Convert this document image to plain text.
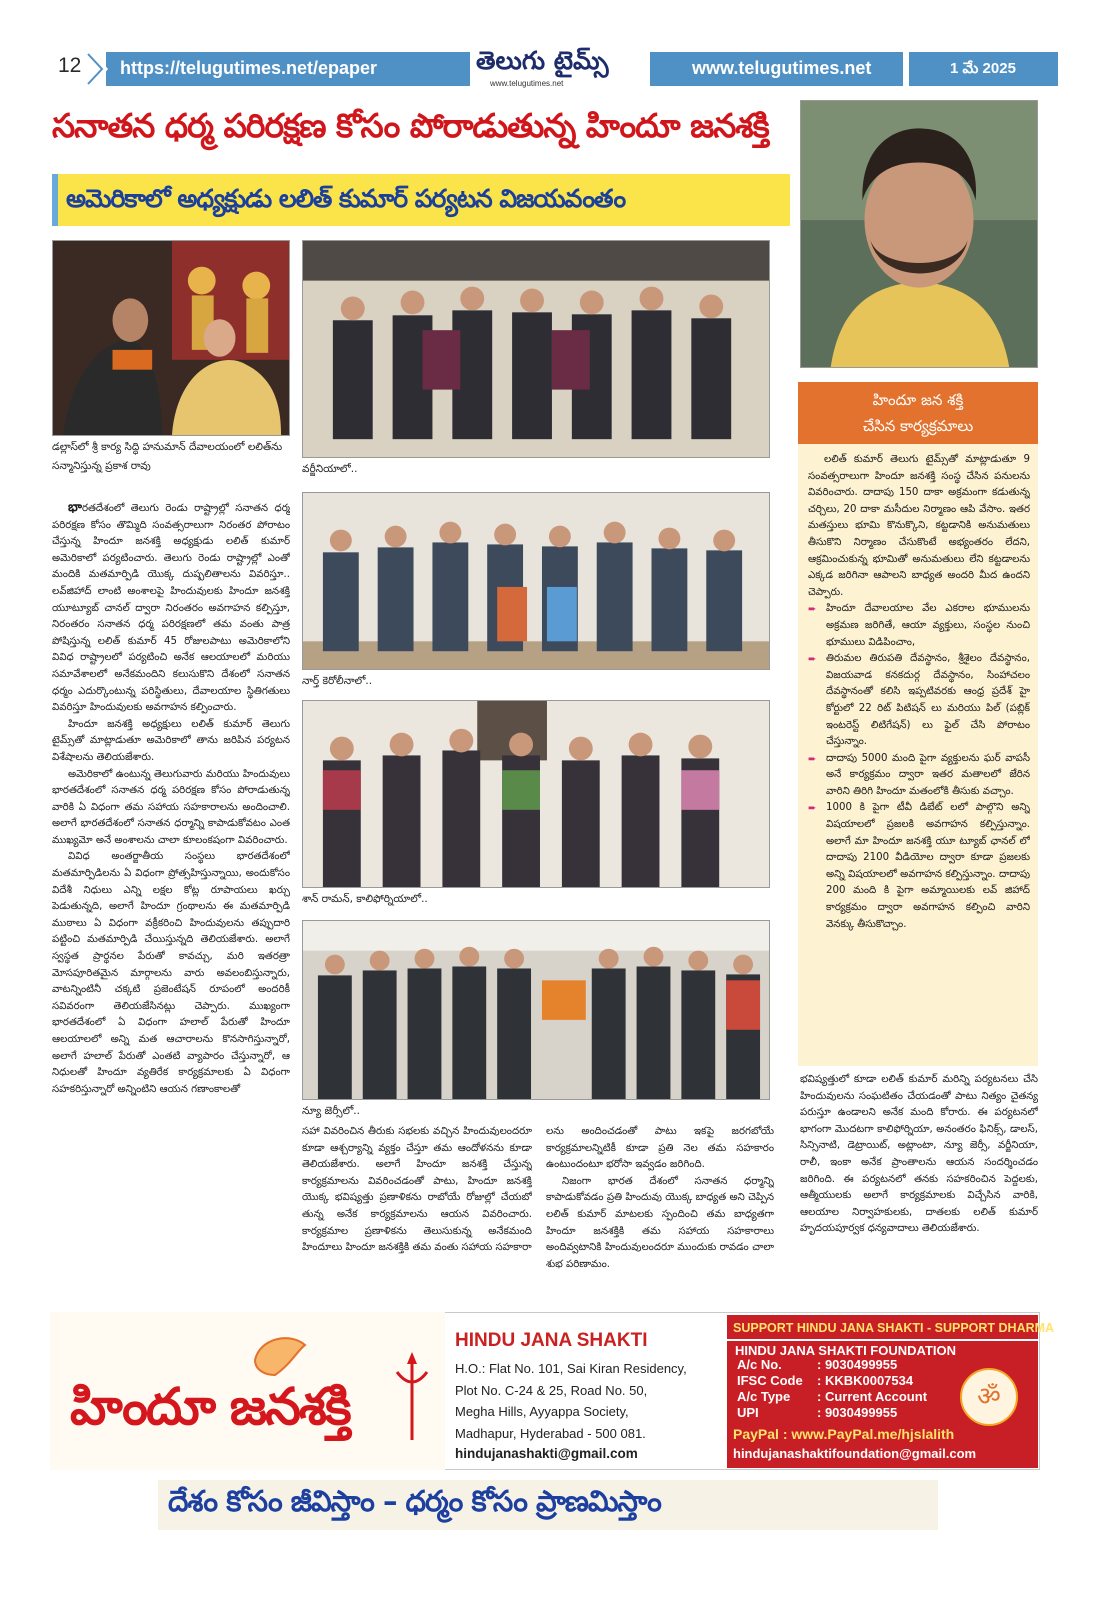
12 https://telugutimes.net/epaper	తెలుగు టైమ్స్
www.telugutimes.net
www.telugutimes.net	1 మే 2025
సనాతన ధర్మ పరిరక్షణ కోసం పోరాడుతున్న హిందూ జనశక్తి
అమెరికాలో అధ్యక్షుడు లలిత్ కుమార్ పర్యటన విజయవంతం
డల్లాస్‌లో శ్రీ కార్య సిద్ధి హనుమాన్ దేవాలయంలో లలిత్‌ను సన్మానిస్తున్న ప్రకాశ రావు	వర్జీనియాలో..
నార్త్ కెరోలీనాలో..
శాన్ రామన్, కాలిఫోర్నియాలో..
న్యూ జెర్సీలో..

భారతదేశంలో తెలుగు రెండు రాష్ట్రాల్లో సనాతన ధర్మ పరిరక్షణ కోసం తొమ్మిది సంవత్సరాలుగా నిరంతర పోరాటం చేస్తున్న హిందూ జనశక్తి అధ్యక్షుడు లలిత్ కుమార్ అమెరికాలో పర్యటించారు. తెలుగు రెండు రాష్ట్రాల్లో ఎంతో మందికి మతమార్పిడి యొక్క దుష్పలితాలను వివరిస్తూ.. లవ్‌జిహాద్ లాంటి అంశాలపై హిందువులకు హిందూ జనశక్తి యూట్యూబ్ చానల్ ద్వారా నిరంతరం అవగాహన కల్పిస్తూ, నిరంతరం సనాతన ధర్మ పరిరక్షణలో తమ వంతు పాత్ర పోషిస్తున్న లలిత్ కుమార్ 45 రోజులపాటు అమెరికాలోని వివిధ రాష్ట్రాలలో పర్యటించి అనేక ఆలయాలలో మరియు సమావేశాలలో అనేకమందిని కలుసుకొని దేశంలో సనాతన ధర్మం ఎదుర్కొంటున్న పరిస్థితులు, దేవాలయాల స్థితిగతులు వివరిస్తూ హిందువులకు అవగాహన కల్పించారు.

హిందూ జనశక్తి అధ్యక్షులు లలిత్ కుమార్ తెలుగు టైమ్స్‌తో మాట్లాడుతూ అమెరికాలో తాను జరిపిన పర్యటన విశేషాలను తెలియజేశారు.

అమెరికాలో ఉంటున్న తెలుగువారు మరియు హిందువులు భారతదేశంలో సనాతన ధర్మ పరిరక్షణ కోసం పోరాడుతున్న వారికి ఏ విధంగా తమ సహాయ సహకారాలను అందించాలి. అలాగే భారతదేశంలో సనాతన ధర్మాన్ని కాపాడుకోవటం ఎంత ముఖ్యమో అనే అంశాలను చాలా కూలంకషంగా వివరించారు.

వివిధ అంతర్జాతీయ సంస్థలు భారతదేశంలో మతమార్పిడిలను ఏ విధంగా ప్రోత్సహిస్తున్నాయి, అందుకోసం విదేశీ నిధులు ఎన్ని లక్షల కోట్ల రూపాయలు ఖర్చు పెడుతున్నది, అలాగే హిందూ గ్రంథాలను ఈ మతమార్పిడి ముఠాలు ఏ విధంగా వక్రీకరించి హిందువులను తప్పుదారి పట్టించి మతమార్పిడి చేయిస్తున్నది తెలియజేశారు. అలాగే స్వస్థత ప్రార్థనల పేరుతో కావచ్చు, మరి ఇతరత్రా మోసపూరితమైన మార్గాలను వారు అవలంబిస్తున్నారు, వాటన్నింటినీ చక్కటి ప్రజెంటేషన్ రూపంలో అందరికీ సవివరంగా తెలియజేసినట్లు చెప్పారు. ముఖ్యంగా భారతదేశంలో ఏ విధంగా హలాల్ పేరుతో హిందూ ఆలయాలలో అన్ని మత ఆచారాలను కొనసాగిస్తున్నారో, అలాగే హలాల్ పేరుతో ఎంతటి వ్యాపారం చేస్తున్నారో, ఆ నిధులతో హిందూ వ్యతిరేక కార్యక్రమాలకు ఏ విధంగా సహకరిస్తున్నారో అన్నింటిని ఆయన గణాంకాలతో

సహా వివరించిన తీరుకు సభలకు వచ్చిన హిందువులందరూ కూడా ఆశ్చర్యాన్ని వ్యక్తం చేస్తూ తమ ఆందోళనను కూడా తెలియజేశారు. అలాగే హిందూ జనశక్తి చేస్తున్న కార్యక్రమాలను వివరించడంతో పాటు, హిందూ జనశక్తి యొక్క భవిష్యత్తు ప్రణాళికను రాబోయే రోజుల్లో చేయబో తున్న అనేక కార్యక్రమాలను ఆయన వివరించారు. కార్యక్రమాల ప్రణాళికను తెలుసుకున్న అనేకమంది హిందూలు హిందూ జనశక్తికి తమ వంతు సహాయ సహకారా

లను అందించడంతో పాటు ఇకపై జరగబోయే కార్యక్రమాలన్నిటికీ కూడా ప్రతి నెల తమ సహకారం ఉంటుందంటూ భరోసా ఇవ్వడం జరిగింది.

నిజంగా భారత దేశంలో సనాతన ధర్మాన్ని కాపాడుకోవడం ప్రతి హిందువు యొక్క బాధ్యత అని చెప్పిన లలిత్ కుమార్ మాటలకు స్పందించి తమ బాధ్యతగా హిందూ జనశక్తికి తమ సహాయ సహకారాలు అందివ్వటానికి హిందువులందరూ ముందుకు రావడం చాలా శుభ పరిణామం.

హిందూ జన శక్తి
చేసిన కార్యక్రమాలు

లలిత్ కుమార్ తెలుగు టైమ్స్‌తో మాట్లాడుతూ 9 సంవత్సరాలుగా హిందూ జనశక్తి సంస్థ చేసిన పనులను వివరించారు. దాదాపు 150 దాకా అక్రమంగా కడుతున్న చర్చిలు, 20 దాకా మసీదుల నిర్మాణం ఆపి వేసాం. ఇతర మతస్తులు భూమి కొనుక్కొని, కట్టడానికి అనుమతులు తీసుకొని నిర్మాణం చేసుకొంటే అభ్యంతరం లేదని, ఆక్రమించుకున్న భూమితో అనుమతులు లేని కట్టడాలను ఎక్కడ జరిగినా ఆపాలని బాధ్యత అందరి మీద ఉందని చెప్పారు.

➨ హిందూ దేవాలయాల వేల ఎకరాల భూములను అక్రమణ జరిగితే, ఆయా వ్యక్తులు, సంస్థల నుంచి భూములు విడిపించాం,
➨ తిరుమల తిరుపతి దేవస్థానం, శ్రీశైలం దేవస్థానం, విజయవాడ కనకదుర్గ దేవస్థానం, సింహాచలం దేవస్థానంతో కలిసి ఇప్పటివరకు ఆంధ్ర ప్రదేశ్ హై కోర్టులో 22 రిట్ పిటిషన్ లు మరియు పిల్ (పబ్లిక్ ఇంటరెస్ట్ లిటిగేషన్) లు ఫైల్ చేసి పోరాటం చేస్తున్నాం.
➨ దాదాపు 5000 మంది పైగా వ్యక్తులను ఘర్ వాపసీ అనే కార్యక్రమం ద్వారా ఇతర మతాలలో జేరిన వారిని తిరిగి హిందూ మతంలోకి తీసుకు వచ్చాం.
➨ 1000 కి పైగా టీవీ డిబేట్ లలో పాల్గొని అన్ని విషయాలలో ప్రజలకి అవగాహన కల్పిస్తున్నాం. అలాగే మా హిందూ జనశక్తి యూ ట్యూబ్ ఛానల్ లో దాదాపు 2100 వీడియోల ద్వారా కూడా ప్రజలకు అన్ని విషయాలలో అవగాహన కల్పిస్తున్నాం. దాదాపు 200 మంది కి పైగా అమ్మాయిలకు లవ్ జిహాద్ కార్యక్రమం ద్వారా అవగాహన కల్పించి వారిని వెనక్కు తీసుకొచ్చాం.

భవిష్యత్తులో కూడా లలిత్ కుమార్ మరిన్ని పర్యటనలు చేసి హిందువులను సంఘటితం చేయడంతో పాటు నిత్యం చైతన్య పరుస్తూ ఉండాలని అనేక మంది కోరారు. ఈ పర్యటనలో భాగంగా మొదటగా కాలిఫోర్నియా, అనంతరం ఫినిక్స్, డాలస్, సిన్సినాటి, డెట్రాయిట్, అట్లాంటా, న్యూ జెర్సీ, వర్జీనియా, రాలీ, ఇంకా అనేక ప్రాంతాలను ఆయన సందర్శించడం జరిగింది. ఈ పర్యటనలో తనకు సహకరించిన పెద్దలకు, ఆత్మీయులకు అలాగే కార్యక్రమాలకు విచ్చేసిన వారికి, ఆలయాల నిర్వాహకులకు, దాతలకు లలిత్ కుమార్ హృదయపూర్వక ధన్యవాదాలు తెలియజేశారు.

హిందూ జనశక్తి
HINDU JANA SHAKTI
H.O.: Flat No. 101, Sai Kiran Residency,
Plot No. C-24 & 25, Road No. 50,
Megha Hills, Ayyappa Society,
Madhapur, Hyderabad - 500 081.
hindujanashakti@gmail.com
SUPPORT HINDU JANA SHAKTI - SUPPORT DHARMA
HINDU JANA SHAKTI FOUNDATION
A/c No.	: 9030499955
IFSC Code : KKBK0007534
A/c Type : Current Account
UPI	: 9030499955
ॐ
PayPal : www.PayPal.me/hjslalith
hindujanashaktifoundation@gmail.com
దేశం కోసం జీవిస్తాం – ధర్మం కోసం ప్రాణమిస్తాం
